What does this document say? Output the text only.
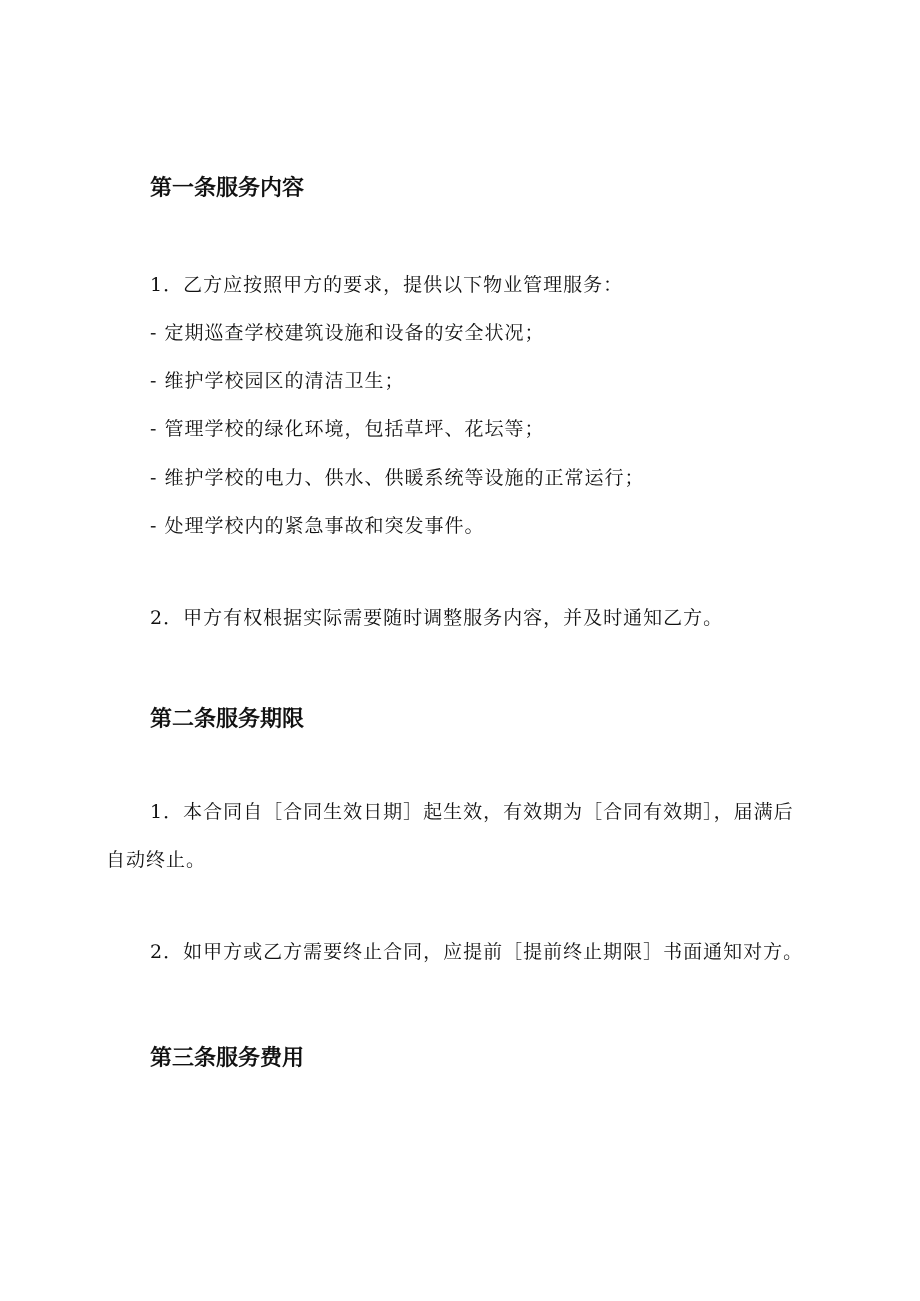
第一条服务内容
1．乙方应按照甲方的要求，提供以下物业管理服务：
- 定期巡查学校建筑设施和设备的安全状况；
- 维护学校园区的清洁卫生；
- 管理学校的绿化环境，包括草坪、花坛等；
- 维护学校的电力、供水、供暖系统等设施的正常运行；
- 处理学校内的紧急事故和突发事件。
2．甲方有权根据实际需要随时调整服务内容，并及时通知乙方。
第二条服务期限
1．本合同自［合同生效日期］起生效，有效期为［合同有效期］，届满后
自动终止。
2．如甲方或乙方需要终止合同，应提前［提前终止期限］书面通知对方。
第三条服务费用
